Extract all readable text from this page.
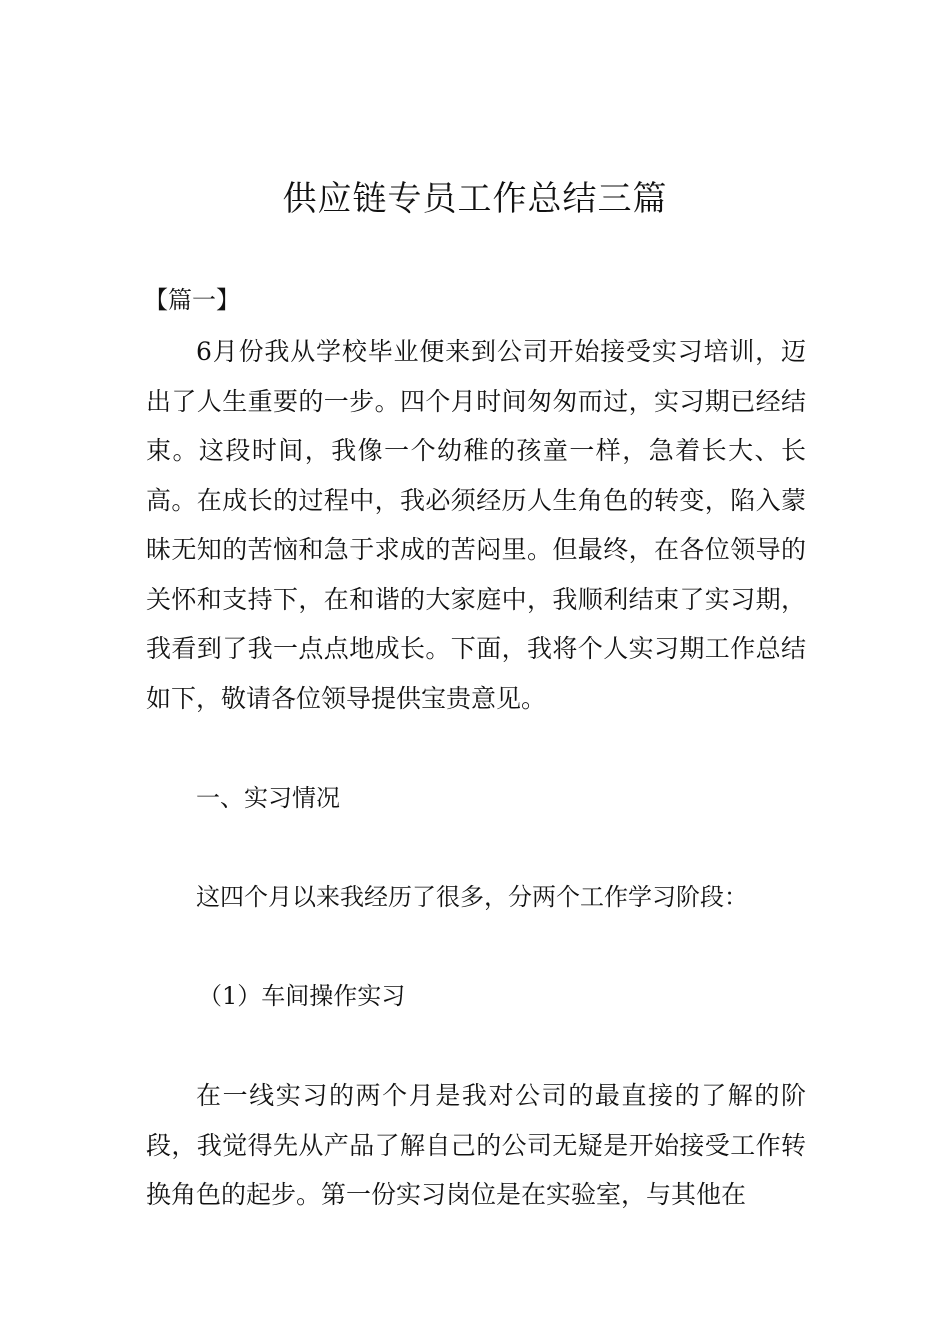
供应链专员工作总结三篇

【篇一】

6月份我从学校毕业便来到公司开始接受实习培训，迈出了人生重要的一步。四个月时间匆匆而过，实习期已经结束。这段时间，我像一个幼稚的孩童一样，急着长大、长高。在成长的过程中，我必须经历人生角色的转变，陷入蒙昧无知的苦恼和急于求成的苦闷里。但最终，在各位领导的关怀和支持下，在和谐的大家庭中，我顺利结束了实习期，我看到了我一点点地成长。下面，我将个人实习期工作总结如下，敬请各位领导提供宝贵意见。

一、实习情况

这四个月以来我经历了很多，分两个工作学习阶段：

（1）车间操作实习

在一线实习的两个月是我对公司的最直接的了解的阶段，我觉得先从产品了解自己的公司无疑是开始接受工作转换角色的起步。第一份实习岗位是在实验室，与其他在
